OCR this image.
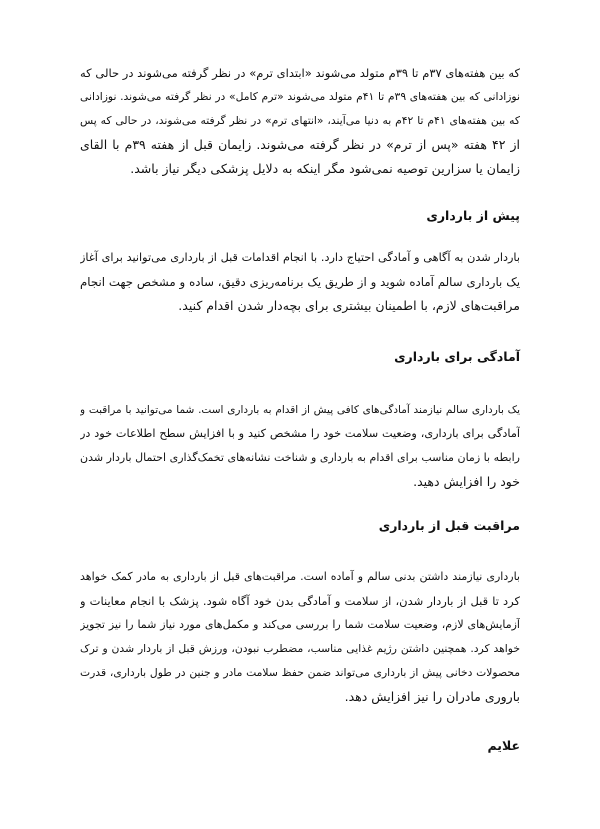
که بین هفته‌های ۳۷م تا ۳۹م متولد می‌شوند «ابتدای ترم» در نظر گرفته می‌شوند در حالی که
نوزادانی که بین هفته‌های ۳۹م تا ۴۱م متولد می‌شوند «ترم کامل» در نظر گرفته می‌شوند. نوزادانی
که بین هفته‌های ۴۱م تا ۴۲م به دنیا می‌آیند، «انتهای ترم» در نظر گرفته می‌شوند، در حالی که پس
از ۴۲ هفته «پس از ترم» در نظر گرفته می‌شوند. زایمان قبل از هفته ۳۹م با القای
زایمان یا سزارین توصیه نمی‌شود مگر اینکه به دلایل پزشکی دیگر نیاز باشد.
پیش از بارداری
باردار شدن به آگاهی و آمادگی احتیاج دارد. با انجام اقدامات قبل از بارداری می‌توانید برای آغاز
یک بارداری سالم آماده شوید و از طریق یک برنامه‌ریزی دقیق، ساده و مشخص جهت انجام
مراقبت‌های لازم، با اطمینان بیشتری برای بچه‌دار شدن اقدام کنید.
آمادگی برای بارداری
یک بارداری سالم نیازمند آمادگی‌های کافی پیش از اقدام به بارداری است. شما می‌توانید با مراقبت و
آمادگی برای بارداری، وضعیت سلامت خود را مشخص کنید و با افزایش سطح اطلاعات خود در
رابطه با زمان مناسب برای اقدام به بارداری و شناخت نشانه‌های تخمک‌گذاری احتمال باردار شدن
خود را افزایش دهید.
مراقبت قبل از بارداری
بارداری نیازمند داشتن بدنی سالم و آماده است. مراقبت‌های قبل از بارداری به مادر کمک خواهد
کرد تا قبل از باردار شدن، از سلامت و آمادگی بدن خود آگاه شود. پزشک با انجام معاینات و
آزمایش‌های لازم، وضعیت سلامت شما را بررسی می‌کند و مکمل‌های مورد نیاز شما را نیز تجویز
خواهد کرد. همچنین داشتن رژیم غذایی مناسب، مضطرب نبودن، ورزش قبل از باردار شدن و ترک
محصولات دخانی پیش از بارداری می‌تواند ضمن حفظ سلامت مادر و جنین در طول بارداری، قدرت
باروری مادران را نیز افزایش دهد.
علایم
